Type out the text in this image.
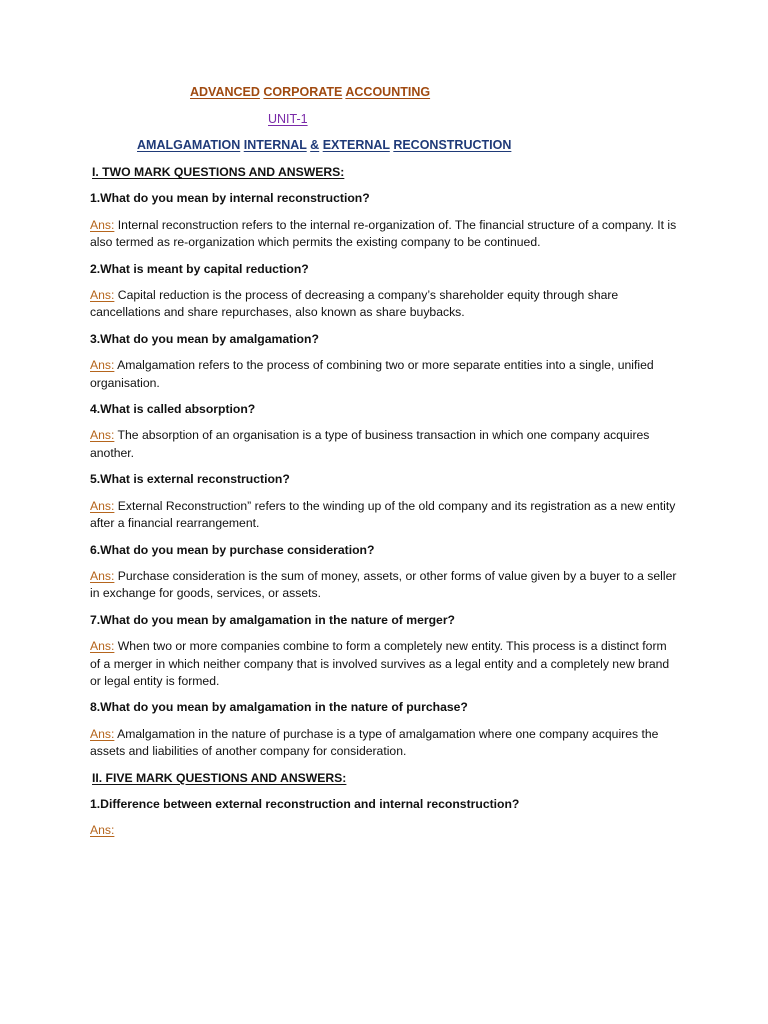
ADVANCED CORPORATE ACCOUNTING
UNIT-1
AMALGAMATION INTERNAL & EXTERNAL RECONSTRUCTION
I. TWO MARK QUESTIONS AND ANSWERS:
1.What do you mean by internal reconstruction?
Ans: Internal reconstruction refers to the internal re-organization of. The financial structure of a company. It is also termed as re-organization which permits the existing company to be continued.
2.What is meant by capital reduction?
Ans: Capital reduction is the process of decreasing a company’s shareholder equity through share cancellations and share repurchases, also known as share buybacks.
3.What do you mean by amalgamation?
Ans: Amalgamation refers to the process of combining two or more separate entities into a single, unified organisation.
4.What is called absorption?
Ans: The absorption of an organisation is a type of business transaction in which one company acquires another.
5.What is external reconstruction?
Ans: External Reconstruction” refers to the winding up of the old company and its registration as a new entity after a financial rearrangement.
6.What do you mean by purchase consideration?
Ans: Purchase consideration is the sum of money, assets, or other forms of value given by a buyer to a seller in exchange for goods, services, or assets.
7.What do you mean by amalgamation in the nature of merger?
Ans: When two or more companies combine to form a completely new entity. This process is a distinct form of a merger in which neither company that is involved survives as a legal entity and a completely new brand or legal entity is formed.
8.What do you mean by amalgamation in the nature of purchase?
Ans: Amalgamation in the nature of purchase is a type of amalgamation where one company acquires the assets and liabilities of another company for consideration.
II. FIVE MARK QUESTIONS AND ANSWERS:
1.Difference between external reconstruction and internal reconstruction?
Ans:
